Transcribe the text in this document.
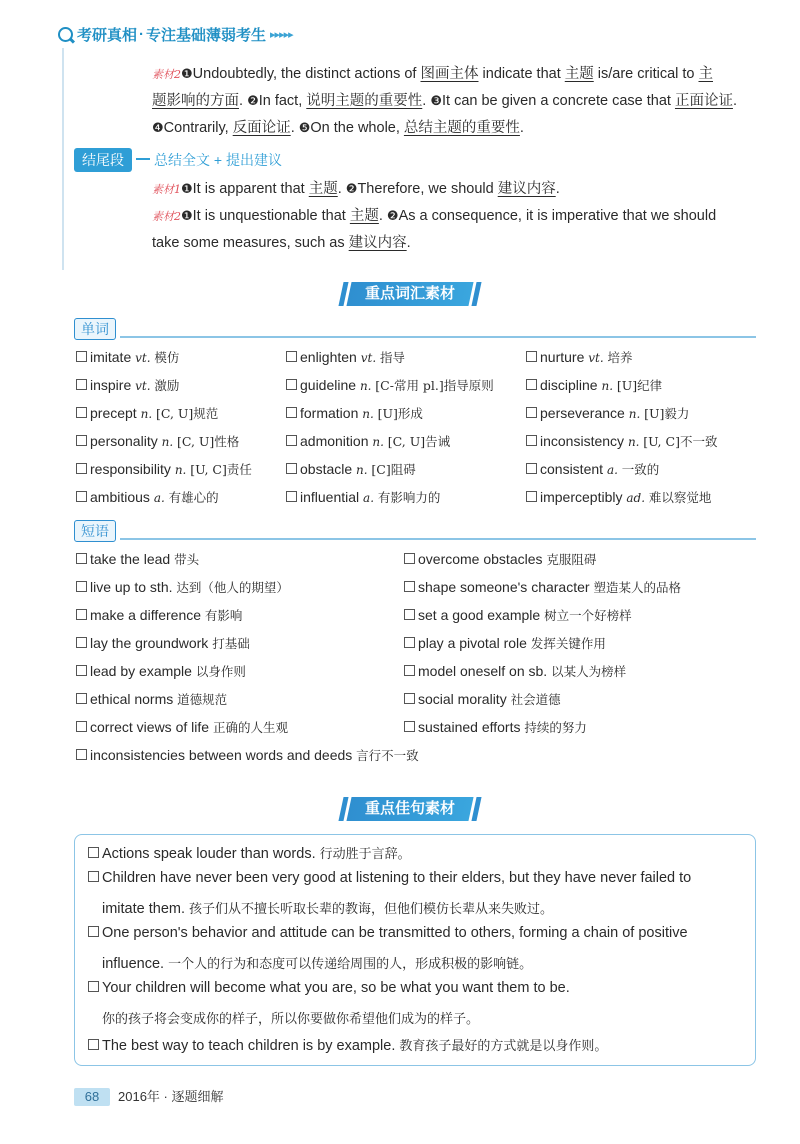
考研真相 · 专注基础薄弱考生 ▸▸▸▸▸
素材2❶Undoubtedly, the distinct actions of 图画主体 indicate that 主题 is/are critical to 主
题影响的方面. ❷In fact, 说明主题的重要性. ❸It can be given a concrete case that 正面论证.
❹Contrarily, 反面论证. ❺On the whole, 总结主题的重要性.
结尾段	总结全文 + 提出建议
素材1❶It is apparent that 主题. ❷Therefore, we should 建议内容.
素材2❶It is unquestionable that 主题. ❷As a consequence, it is imperative that we should
take some measures, such as 建议内容.
重点词汇素材
单词
imitate vt. 模仿	enlighten vt. 指导	nurture vt. 培养
inspire vt. 激励	guideline n. [C-常用 pl.]指导原则	discipline n. [U]纪律
precept n. [C, U]规范	formation n. [U]形成	perseverance n. [U]毅力
personality n. [C, U]性格	admonition n. [C, U]告诫	inconsistency n. [U, C]不一致
responsibility n. [U, C]责任	obstacle n. [C]阻碍	consistent a. 一致的
ambitious a. 有雄心的	influential a. 有影响力的	imperceptibly ad. 难以察觉地
短语
take the lead 带头	overcome obstacles 克服阻碍
live up to sth. 达到（他人的期望）	shape someone's character 塑造某人的品格
make a difference 有影响	set a good example 树立一个好榜样
lay the groundwork 打基础	play a pivotal role 发挥关键作用
lead by example 以身作则	model oneself on sb. 以某人为榜样
ethical norms 道德规范	social morality 社会道德
correct views of life 正确的人生观	sustained efforts 持续的努力
inconsistencies between words and deeds 言行不一致
重点佳句素材
Actions speak louder than words. 行动胜于言辞。
Children have never been very good at listening to their elders, but they have never failed to
imitate them. 孩子们从不擅长听取长辈的教诲，但他们模仿长辈从来失败过。
One person's behavior and attitude can be transmitted to others, forming a chain of positive
influence. 一个人的行为和态度可以传递给周围的人，形成积极的影响链。
Your children will become what you are, so be what you want them to be.
你的孩子将会变成你的样子，所以你要做你希望他们成为的样子。
The best way to teach children is by example. 教育孩子最好的方式就是以身作则。
68	2016年 · 逐题细解
